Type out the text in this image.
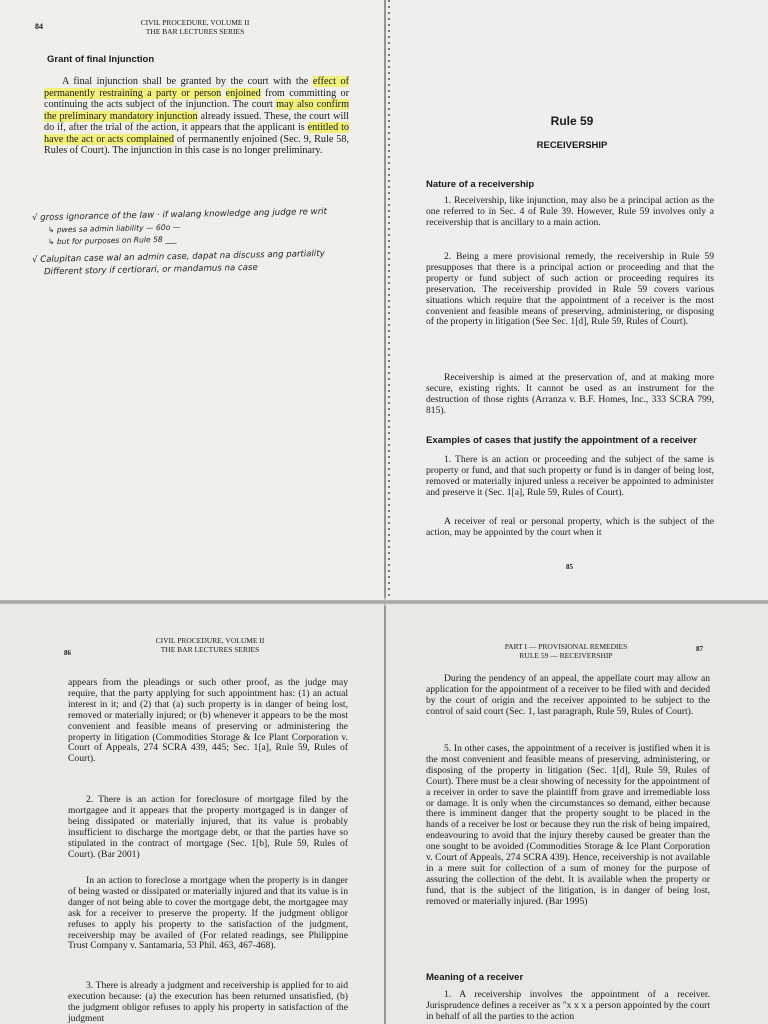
84	CIVIL PROCEDURE, VOLUME II
THE BAR LECTURES SERIES
Grant of final Injunction

A final injunction shall be granted by the court with the effect of permanently restraining a party or person enjoined from committing or continuing the acts subject of the injunction. The court may also confirm the preliminary mandatory injunction already issued. These, the court will do if, after the trial of the action, it appears that the applicant is entitled to have the act or acts complained of permanently enjoined (Sec. 9, Rule 58, Rules of Court). The injunction in this case is no longer preliminary.

√ gross ignorance of the law · if walang knowledge ang judge re writ
↳ pwes sa admin liability — 60o —
↳ but for purposes on Rule 58 ___
√ Calupitan case wal an admin case, dapat na discuss ang partiality
Different story if certiorari, or mandamus na case
Rule 59
RECEIVERSHIP
Nature of a receivership

1. Receivership, like injunction, may also be a principal action as the one referred to in Sec. 4 of Rule 39. However, Rule 59 involves only a receivership that is ancillary to a main action.

2. Being a mere provisional remedy, the receivership in Rule 59 presupposes that there is a principal action or proceeding and that the property or fund subject of such action or proceeding requires its preservation. The receivership provided in Rule 59 covers various situations which require that the appointment of a receiver is the most convenient and feasible means of preserving, administering, or disposing of the property in litigation (See Sec. 1[d], Rule 59, Rules of Court).

Receivership is aimed at the preservation of, and at making more secure, existing rights. It cannot be used as an instrument for the destruction of those rights (Arranza v. B.F. Homes, Inc., 333 SCRA 799, 815).

Examples of cases that justify the appointment of a receiver

1. There is an action or proceeding and the subject of the same is property or fund, and that such property or fund is in danger of being lost, removed or materially injured unless a receiver be appointed to administer and preserve it (Sec. 1[a], Rule 59, Rules of Court).

A receiver of real or personal property, which is the subject of the action, may be appointed by the court when it

85
86
CIVIL PROCEDURE, VOLUME II
THE BAR LECTURES SERIES

appears from the pleadings or such other proof, as the judge may require, that the party applying for such appointment has: (1) an actual interest in it; and (2) that (a) such property is in danger of being lost, removed or materially injured; or (b) whenever it appears to be the most convenient and feasible means of preserving or administering the property in litigation (Commodities Storage & Ice Plant Corporation v. Court of Appeals, 274 SCRA 439, 445; Sec. 1[a], Rule 59, Rules of Court).

2. There is an action for foreclosure of mortgage filed by the mortgagee and it appears that the property mortgaged is in danger of being dissipated or materially injured, that its value is probably insufficient to discharge the mortgage debt, or that the parties have so stipulated in the contract of mortgage (Sec. 1[b], Rule 59, Rules of Court). (Bar 2001)

In an action to foreclose a mortgage when the property is in danger of being wasted or dissipated or materially injured and that its value is in danger of not being able to cover the mortgage debt, the mortgagee may ask for a receiver to preserve the property. If the judgment obligor refuses to apply his property to the satisfaction of the judgment, receivership may be availed of (For related readings, see Philippine Trust Company v. Santamaria, 53 Phil. 463, 467-468).

3. There is already a judgment and receivership is applied for to aid execution because: (a) the execution has been returned unsatisfied, (b) the judgment obligor refuses to apply his property in satisfaction of the judgment

PART I — PROVISIONAL REMEDIES
RULE 59 — RECEIVERSHIP
87

During the pendency of an appeal, the appellate court may allow an application for the appointment of a receiver to be filed with and decided by the court of origin and the receiver appointed to be subject to the control of said court (Sec. 1, last paragraph, Rule 59, Rules of Court).

5. In other cases, the appointment of a receiver is justified when it is the most convenient and feasible means of preserving, administering, or disposing of the property in litigation (Sec. 1[d], Rule 59, Rules of Court). There must be a clear showing of necessity for the appointment of a receiver in order to save the plaintiff from grave and irremediable loss or damage. It is only when the circumstances so demand, either because there is imminent danger that the property sought to be placed in the hands of a receiver be lost or because they run the risk of being impaired, endeavouring to avoid that the injury thereby caused be greater than the one sought to be avoided (Commodities Storage & Ice Plant Corporation v. Court of Appeals, 274 SCRA 439). Hence, receivership is not available in a mere suit for collection of a sum of money for the purpose of assuring the collection of the debt. It is available when the property or fund, that is the subject of the litigation, is in danger of being lost, removed or materially injured. (Bar 1995)

Meaning of a receiver

1. A receivership involves the appointment of a receiver. Jurisprudence defines a receiver as "x x x a person appointed by the court in behalf of all the parties to the action
